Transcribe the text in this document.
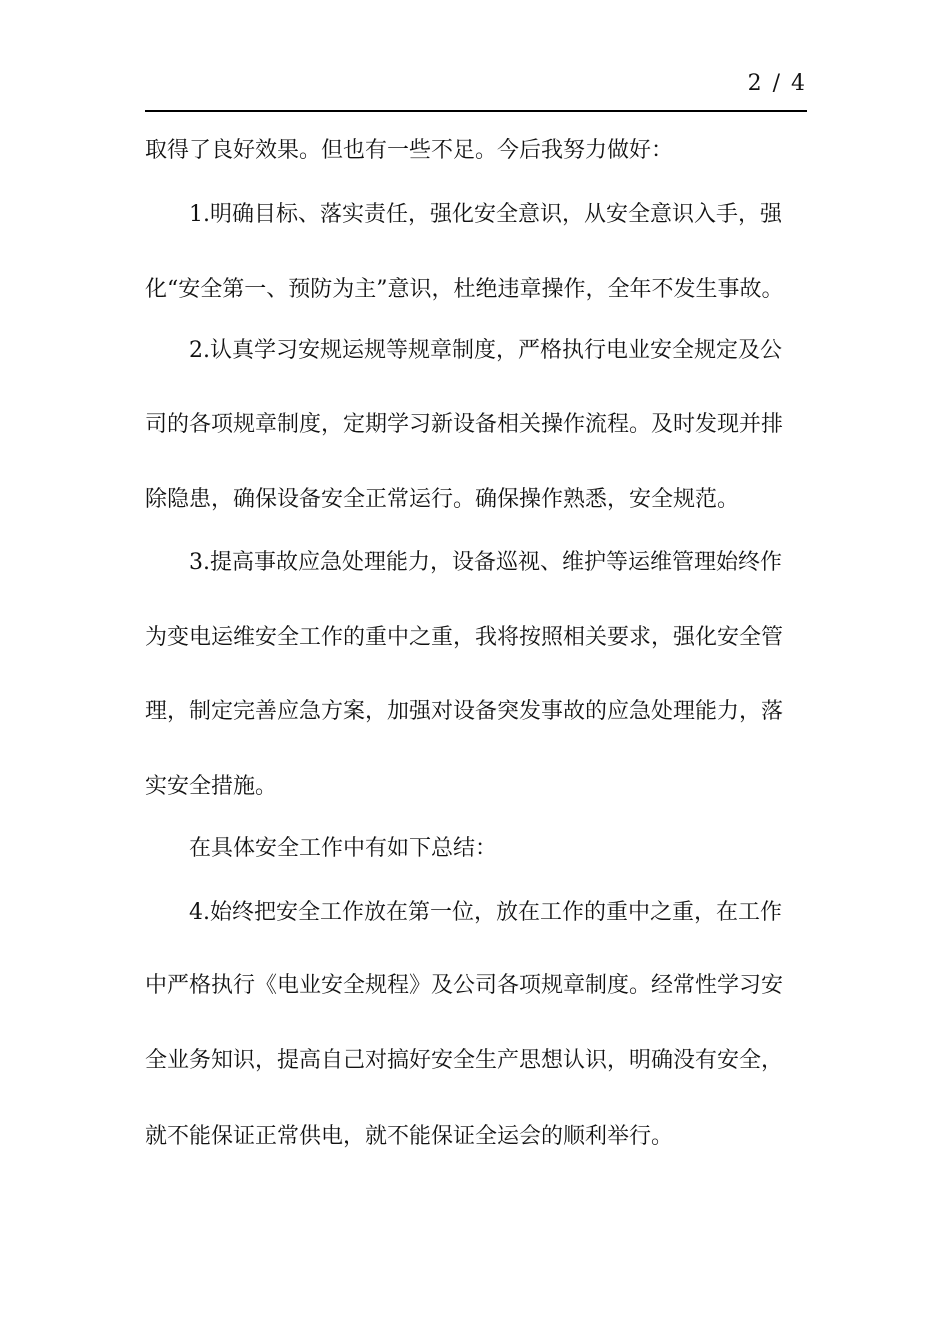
2 / 4
取得了良好效果。但也有一些不足。今后我努力做好：
1.明确目标、落实责任，强化安全意识，从安全意识入手，强
化“安全第一、预防为主”意识，杜绝违章操作，全年不发生事故。
2.认真学习安规运规等规章制度，严格执行电业安全规定及公
司的各项规章制度，定期学习新设备相关操作流程。及时发现并排
除隐患，确保设备安全正常运行。确保操作熟悉，安全规范。
3.提高事故应急处理能力，设备巡视、维护等运维管理始终作
为变电运维安全工作的重中之重，我将按照相关要求，强化安全管
理，制定完善应急方案，加强对设备突发事故的应急处理能力，落
实安全措施。
在具体安全工作中有如下总结：
4.始终把安全工作放在第一位，放在工作的重中之重，在工作
中严格执行《电业安全规程》及公司各项规章制度。经常性学习安
全业务知识，提高自己对搞好安全生产思想认识，明确没有安全，
就不能保证正常供电，就不能保证全运会的顺利举行。
